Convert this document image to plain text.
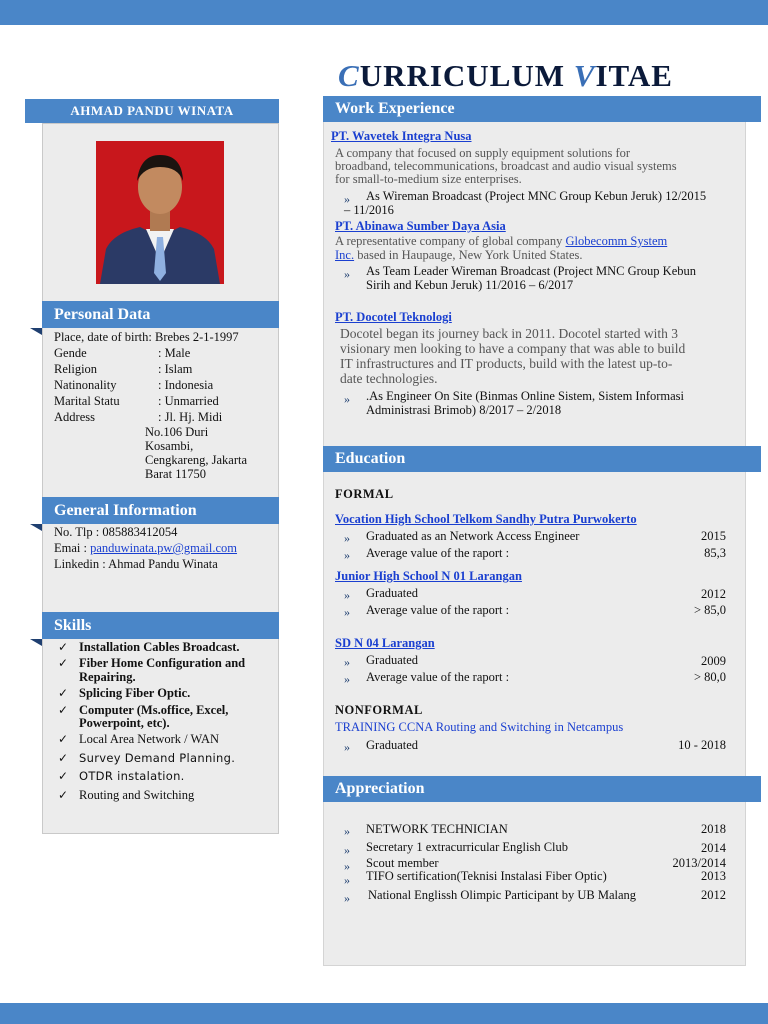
CURRICULUM VITAE
AHMAD PANDU WINATA
Personal Data
Place, date of birth: Brebes 2-1-1997
Gende	: Male
Religion	: Islam
Natinonality	: Indonesia
Marital Statu	: Unmarried
Address	: Jl. Hj. Midi
No.106 Duri
Kosambi,
Cengkareng, Jakarta
Barat 11750
General Information
No. Tlp : 085883412054
Emai : panduwinata.pw@gmail.com
Linkedin : Ahmad Pandu Winata
Skills
✓ Installation Cables Broadcast.
✓ Fiber Home Configuration and
Repairing.
✓ Splicing Fiber Optic.
✓ Computer (Ms.office, Excel,
Powerpoint, etc).
✓ Local Area Network / WAN
✓ Survey Demand Planning.
✓ OTDR instalation.
✓ Routing and Switching
Work Experience
PT. Wavetek Integra Nusa
A company that focused on supply equipment solutions for
broadband, telecommunications, broadcast and audio visual systems
for small-to-medium size enterprises.
» As Wireman Broadcast (Project MNC Group Kebun Jeruk) 12/2015
– 11/2016
PT. Abinawa Sumber Daya Asia
A representative company of global company Globecomm System
Inc. based in Haupauge, New York United States.
» As Team Leader Wireman Broadcast (Project MNC Group Kebun
Sirih and Kebun Jeruk) 11/2016 – 6/2017
PT. Docotel Teknologi
Docotel began its journey back in 2011. Docotel started with 3
visionary men looking to have a company that was able to build
IT infrastructures and IT products, build with the latest up-to-
date technologies.
» .As Engineer On Site (Binmas Online Sistem, Sistem Informasi
Administrasi Brimob) 8/2017 – 2/2018
Education
FORMAL
Vocation High School Telkom Sandhy Putra Purwokerto
» Graduated as an Network Access Engineer	2015
» Average value of the raport :	85,3
Junior High School N 01 Larangan
» Graduated	2012
» Average value of the raport :	> 85,0
SD N 04 Larangan
» Graduated	2009
» Average value of the raport :	> 80,0
NONFORMAL
TRAINING CCNA Routing and Switching in Netcampus
» Graduated	10 - 2018
Appreciation
» NETWORK TECHNICIAN	2018
» Secretary 1 extracurricular English Club	2014
» Scout member	2013/2014
» TIFO sertification(Teknisi Instalasi Fiber Optic)	2013
» National Englissh Olimpic Participant by UB Malang	2012
